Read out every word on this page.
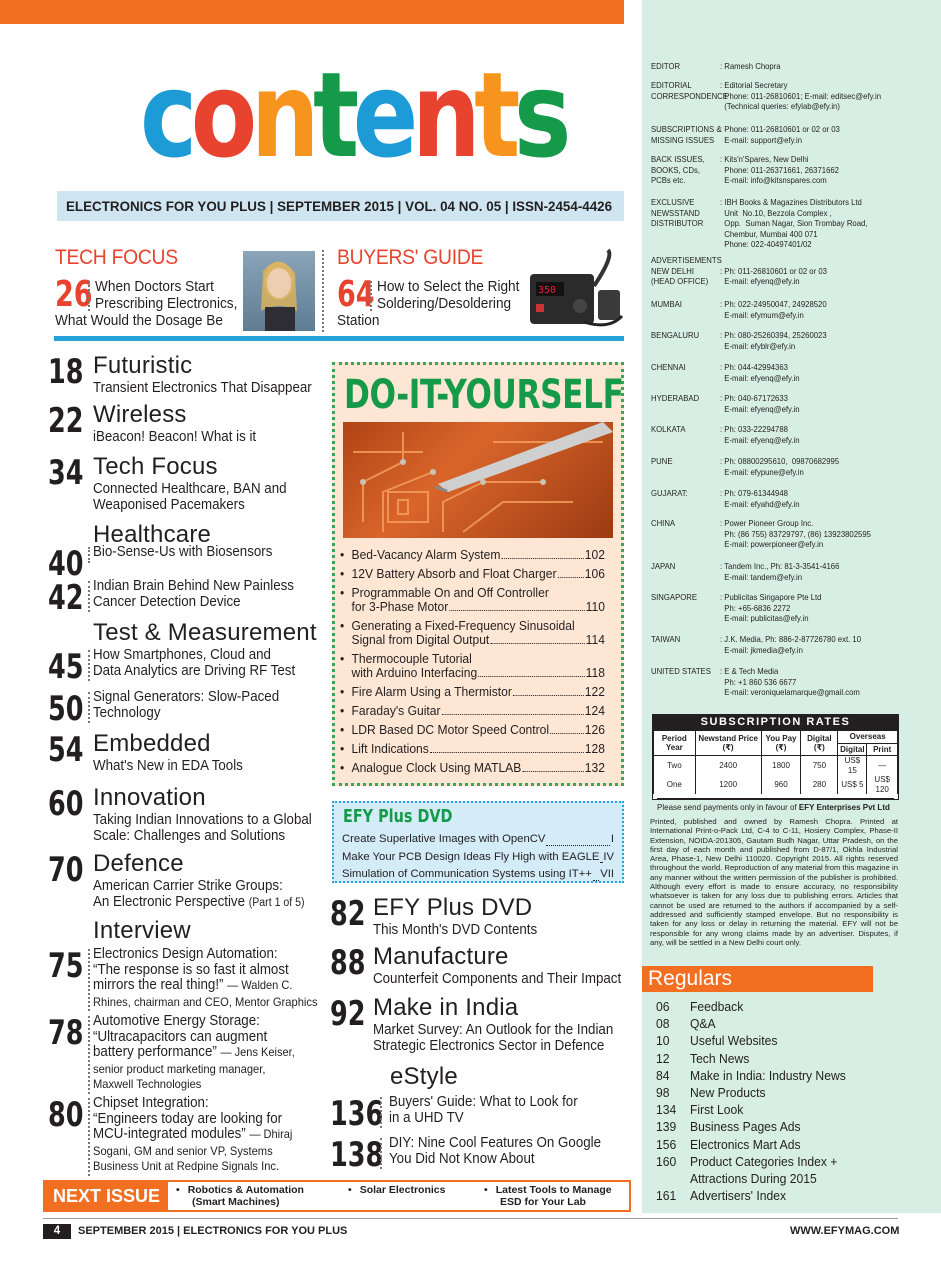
contents
ELECTRONICS FOR YOU PLUS | SEPTEMBER 2015 | VOL. 04 NO. 05 | ISSN-2454-4426
TECH FOCUS
26 When Doctors Start
Prescribing Electronics,
What Would the Dosage Be
BUYERS' GUIDE
64 How to Select the Right
Soldering/Desoldering
Station
350
DO-IT-YOURSELF
• Bed-Vacancy Alarm System	102
• 12V Battery Absorb and Float Charger 106
• Programmable On and Off Controller
for 3-Phase Motor	110
• Generating a Fixed-Frequency Sinusoidal
Signal from Digital Output	114
• Thermocouple Tutorial
with Arduino Interfacing	118
• Fire Alarm Using a Thermistor	122
• Faraday's Guitar	124
• LDR Based DC Motor Speed Control	126
• Lift Indications	128
• Analogue Clock Using MATLAB	132
EFY Plus DVD
Create Superlative Images with OpenCV	I
Make Your PCB Design Ideas Fly High with EAGLE IV
Simulation of Communication Systems using IT++ VII
NEXT ISSUE
4	SEPTEMBER 2015 | ELECTRONICS FOR YOU PLUS	WWW.EFYMAG.COM
SUBSCRIPTION RATES
Period Year	Newstand Price (₹)	You Pay (₹)	Digital (₹)	Overseas	
				Digital	Print
Two	2400	1800	750	US$ 15	—
One	1200	960	280	US$ 5	US$ 120
Please send payments only in favour of EFY Enterprises Pvt Ltd
Printed, published and owned by Ramesh Chopra. Printed at International Print-o-Pack Ltd, C-4 to C-11, Hosiery Complex, Phase-II Extension, NOIDA-201305, Gautam Budh Nagar, Uttar Pradesh, on the first day of each month and published from D-87/1, Okhla Industrial Area, Phase-1, New Delhi 110020. Copyright 2015. All rights reserved throughout the world. Reproduction of any material from this magazine in any manner without the written permission of the publisher is prohibited. Although every effort is made to ensure accuracy, no responsibility whatsoever is taken for any loss due to publishing errors. Articles that cannot be used are returned to the authors if accompanied by a self-addressed and sufficiently stamped envelope. But no responsibility is taken for any loss or delay in returning the material. EFY will not be responsible for any wrong claims made by an advertiser. Disputes, if any, will be settled in a New Delhi court only.
Regulars
18 Futuristic
Transient Electronics That Disappear
22 Wireless
iBeacon! Beacon! What is it
34 Tech Focus
Connected Healthcare, BAN and
Weaponised Pacemakers
Healthcare
40 Bio-Sense-Us with Biosensors
42 Indian Brain Behind New Painless
Cancer Detection Device
Test & Measurement
45 How Smartphones, Cloud and
Data Analytics are Driving RF Test
50 Signal Generators: Slow-Paced
Technology
54 Embedded
What's New in EDA Tools
60 Innovation
Taking Indian Innovations to a Global
Scale: Challenges and Solutions
70 Defence
American Carrier Strike Groups:
An Electronic Perspective (Part 1 of 5)
Interview
75 Electronics Design Automation:
“The response is so fast it almost
mirrors the real thing!” — Walden C.
Rhines, chairman and CEO, Mentor Graphics
78 Automotive Energy Storage:
“Ultracapacitors can augment
battery performance” — Jens Keiser,
senior product marketing manager,
Maxwell Technologies
80 Chipset Integration:
“Engineers today are looking for
MCU-integrated modules” — Dhiraj
Sogani, GM and senior VP, Systems
Business Unit at Redpine Signals Inc.
82 EFY Plus DVD
This Month's DVD Contents
88 Manufacture
Counterfeit Components and Their Impact
92 Make in India
Market Survey: An Outlook for the Indian
Strategic Electronics Sector in Defence
eStyle
136 Buyers' Guide: What to Look for
in a UHD TV
138 DIY: Nine Cool Features On Google
You Did Not Know About
• Robotics & Automation
(Smart Machines)
• Solar Electronics	• Latest Tools to Manage
ESD for Your Lab
EDITOR	: Ramesh Chopra
EDITORIAL
CORRESPONDENCE
: Editorial Secretary
Phone: 011-26810601; E-mail: editsec@efy.in
(Technical queries: efylab@efy.in)
SUBSCRIPTIONS &
MISSING ISSUES
: Phone: 011-26810601 or 02 or 03
E-mail: support@efy.in
BACK ISSUES,
BOOKS, CDs,
PCBs etc.
: Kits'n'Spares, New Delhi
Phone: 011-26371661, 26371662
E-mail: info@kitsnspares.com
EXCLUSIVE
NEWSSTAND
DISTRIBUTOR
: IBH Books & Magazines Distributors Ltd
Unit  No.10, Bezzola Complex ,
Opp.  Suman Nagar, Sion Trombay Road,
Chembur, Mumbai 400 071
Phone: 022-40497401/02
ADVERTISEMENTS
NEW DELHI
(HEAD OFFICE)
: Ph: 011-26810601 or 02 or 03
E-mail: efyenq@efy.in
MUMBAI	: Ph: 022-24950047, 24928520
E-mail: efymum@efy.in
BENGALURU : Ph: 080-25260394, 25260023
E-mail: efyblr@efy.in
CHENNAI	: Ph: 044-42994363
E-mail: efyenq@efy.in
HYDERABAD : Ph: 040-67172633
E-mail: efyenq@efy.in
KOLKATA	: Ph: 033-22294788
E-mail: efyenq@efy.in
PUNE	: Ph: 08800295610,  09870682995
E-mail: efypune@efy.in
GUJARAT:	: Ph: 079-61344948
E-mail: efyahd@efy.in
CHINA	: Power Pioneer Group Inc.
Ph: (86 755) 83729797, (86) 13923802595
E-mail: powerpioneer@efy.in
JAPAN	: Tandem Inc., Ph: 81-3-3541-4166
E-mail: tandem@efy.in
SINGAPORE	: Publicitas Singapore Pte Ltd
Ph: +65-6836 2272
E-mail: publicitas@efy.in
TAIWAN	: J.K. Media, Ph: 886-2-87726780 ext. 10
E-mail: jkmedia@efy.in
UNITED STATES : E & Tech Media
Ph: +1 860 536 6677
E-mail: veroniquelamarque@gmail.com
06	Feedback
08	Q&A
10	Useful Websites
12	Tech News
84	Make in India: Industry News
98	New Products
134	First Look
139	Business Pages Ads
156	Electronics Mart Ads
160	Product Categories Index +
Attractions During 2015
161	Advertisers' Index
